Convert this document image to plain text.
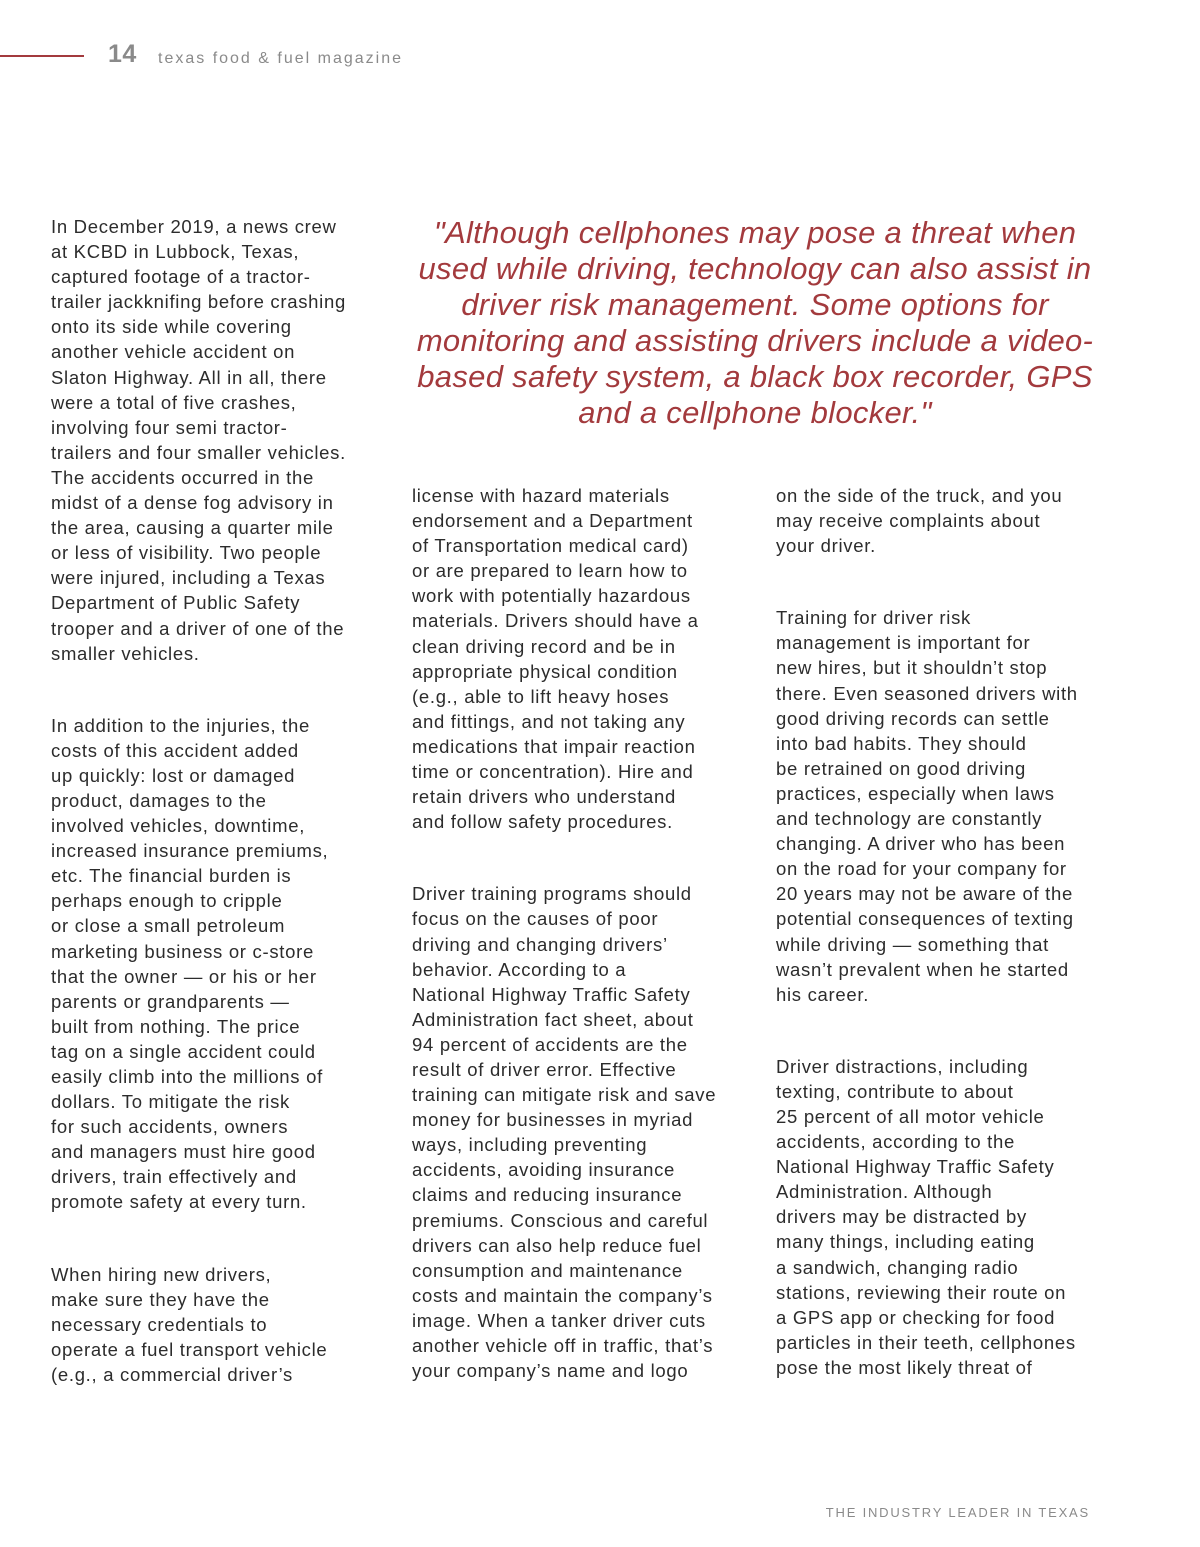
14 texas food & fuel magazine
"Although cellphones may pose a threat when used while driving, technology can also assist in driver risk management. Some options for monitoring and assisting drivers include a video-based safety system, a black box recorder, GPS and a cellphone blocker."

In December 2019, a news crew
at KCBD in Lubbock, Texas,
captured footage of a tractor-
trailer jackknifing before crashing
onto its side while covering
another vehicle accident on
Slaton Highway. All in all, there
were a total of five crashes,
involving four semi tractor-
trailers and four smaller vehicles.
The accidents occurred in the
midst of a dense fog advisory in
the area, causing a quarter mile
or less of visibility. Two people
were injured, including a Texas
Department of Public Safety
trooper and a driver of one of the
smaller vehicles.

In addition to the injuries, the
costs of this accident added
up quickly: lost or damaged
product, damages to the
involved vehicles, downtime,
increased insurance premiums,
etc. The financial burden is
perhaps enough to cripple
or close a small petroleum
marketing business or c-store
that the owner — or his or her
parents or grandparents —
built from nothing. The price
tag on a single accident could
easily climb into the millions of
dollars. To mitigate the risk
for such accidents, owners
and managers must hire good
drivers, train effectively and
promote safety at every turn.

When hiring new drivers,
make sure they have the
necessary credentials to
operate a fuel transport vehicle
(e.g., a commercial driver’s

license with hazard materials
endorsement and a Department
of Transportation medical card)
or are prepared to learn how to
work with potentially hazardous
materials. Drivers should have a
clean driving record and be in
appropriate physical condition
(e.g., able to lift heavy hoses
and fittings, and not taking any
medications that impair reaction
time or concentration). Hire and
retain drivers who understand
and follow safety procedures.

Driver training programs should
focus on the causes of poor
driving and changing drivers’
behavior. According to a
National Highway Traffic Safety
Administration fact sheet, about
94 percent of accidents are the
result of driver error. Effective
training can mitigate risk and save
money for businesses in myriad
ways, including preventing
accidents, avoiding insurance
claims and reducing insurance
premiums. Conscious and careful
drivers can also help reduce fuel
consumption and maintenance
costs and maintain the company’s
image. When a tanker driver cuts
another vehicle off in traffic, that’s
your company’s name and logo

on the side of the truck, and you
may receive complaints about
your driver.

Training for driver risk
management is important for
new hires, but it shouldn’t stop
there. Even seasoned drivers with
good driving records can settle
into bad habits. They should
be retrained on good driving
practices, especially when laws
and technology are constantly
changing. A driver who has been
on the road for your company for
20 years may not be aware of the
potential consequences of texting
while driving — something that
wasn’t prevalent when he started
his career.

Driver distractions, including
texting, contribute to about
25 percent of all motor vehicle
accidents, according to the
National Highway Traffic Safety
Administration. Although
drivers may be distracted by
many things, including eating
a sandwich, changing radio
stations, reviewing their route on
a GPS app or checking for food
particles in their teeth, cellphones
pose the most likely threat of

THE INDUSTRY LEADER IN TEXAS
